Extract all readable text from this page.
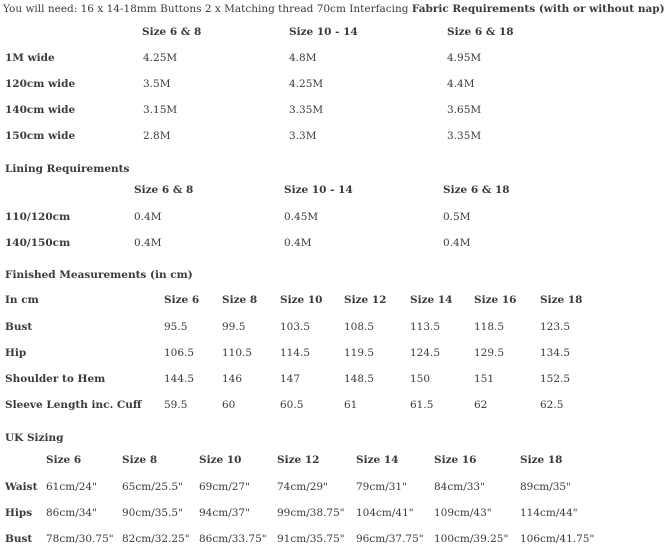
You will need: 16 x 14-18mm Buttons 2 x Matching thread 70cm Interfacing Fabric Requirements (with or without nap)
Size 6 & 8	Size 10 - 14	Size 6 & 18
1M wide	4.25M	4.8M	4.95M
120cm wide	3.5M	4.25M	4.4M
140cm wide	3.15M	3.35M	3.65M
150cm wide	2.8M	3.3M	3.35M
Lining Requirements
Size 6 & 8	Size 10 - 14	Size 6 & 18
110/120cm	0.4M	0.45M	0.5M
140/150cm	0.4M	0.4M	0.4M
Finished Measurements (in cm)
In cm	Size 6 Size 8 Size 10 Size 12 Size 14 Size 16 Size 18
Bust	95.5	99.5	103.5	108.5	113.5	118.5	123.5
Hip	106.5	110.5	114.5	119.5	124.5	129.5	134.5
Shoulder to Hem	144.5	146	147	148.5	150	151	152.5
Sleeve Length inc. Cuff 59.5	60	60.5	61	61.5	62	62.5
UK Sizing
Size 6	Size 8	Size 10	Size 12	Size 14	Size 16	Size 18
Waist 61cm/24" 65cm/25.5" 69cm/27"	74cm/29"	79cm/31"	84cm/33"	89cm/35"
Hips 86cm/34" 90cm/35.5" 94cm/37"	99cm/38.75" 104cm/41" 109cm/43"	114cm/44"
Bust 78cm/30.75" 82cm/32.25" 86cm/33.75" 91cm/35.75" 96cm/37.75" 100cm/39.25" 106cm/41.75"
